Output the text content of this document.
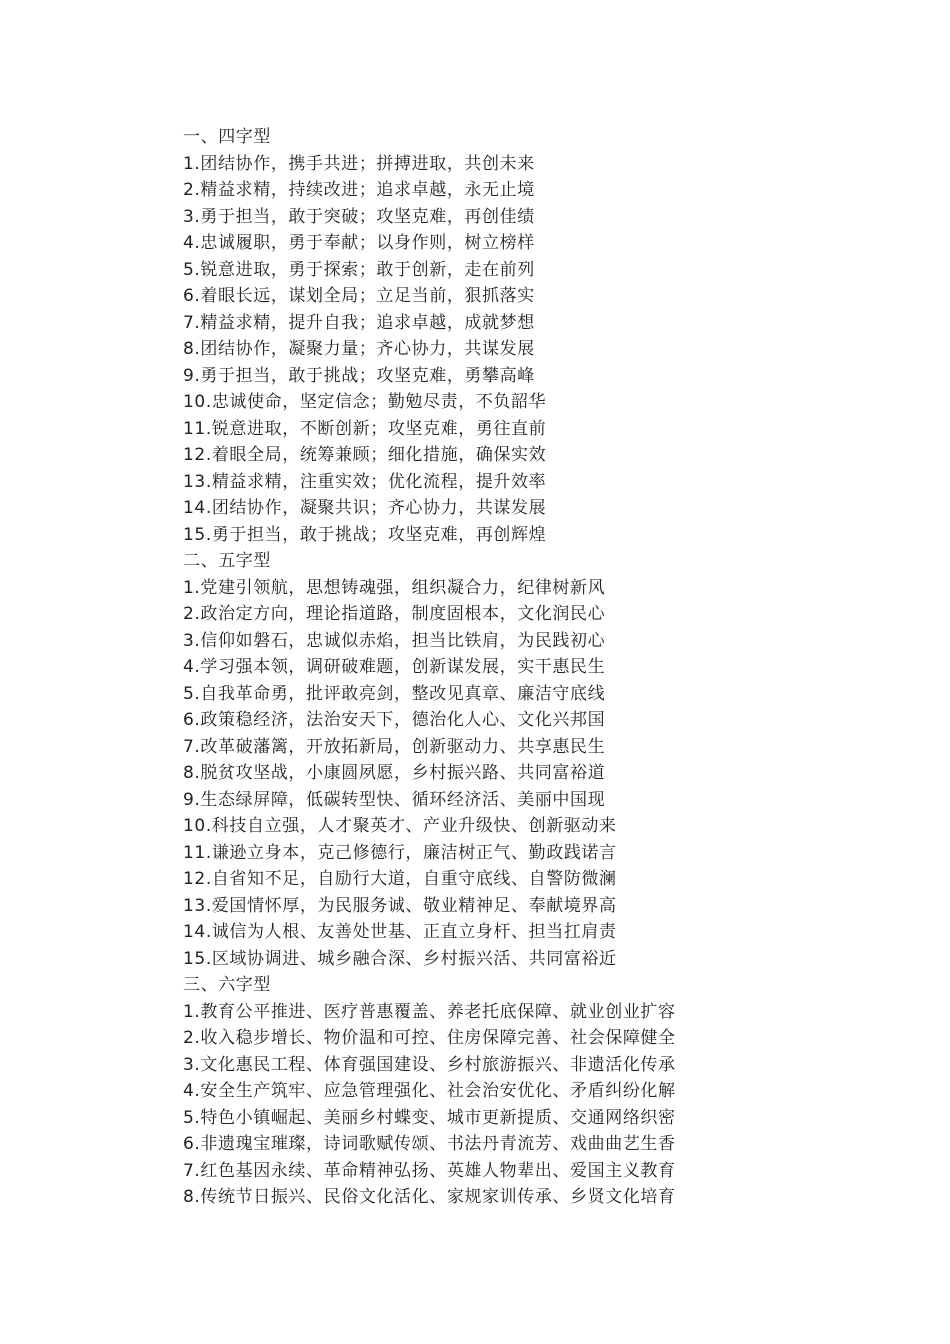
一、四字型
1.团结协作，携手共进；拼搏进取，共创未来
2.精益求精，持续改进；追求卓越，永无止境
3.勇于担当，敢于突破；攻坚克难，再创佳绩
4.忠诚履职，勇于奉献；以身作则，树立榜样
5.锐意进取，勇于探索；敢于创新，走在前列
6.着眼长远，谋划全局；立足当前，狠抓落实
7.精益求精，提升自我；追求卓越，成就梦想
8.团结协作，凝聚力量；齐心协力，共谋发展
9.勇于担当，敢于挑战；攻坚克难，勇攀高峰
10.忠诚使命，坚定信念；勤勉尽责，不负韶华
11.锐意进取，不断创新；攻坚克难，勇往直前
12.着眼全局，统筹兼顾；细化措施，确保实效
13.精益求精，注重实效；优化流程，提升效率
14.团结协作，凝聚共识；齐心协力，共谋发展
15.勇于担当，敢于挑战；攻坚克难，再创辉煌
二、五字型
1.党建引领航，思想铸魂强，组织凝合力，纪律树新风
2.政治定方向，理论指道路，制度固根本，文化润民心
3.信仰如磐石，忠诚似赤焰，担当比铁肩，为民践初心
4.学习强本领，调研破难题，创新谋发展，实干惠民生
5.自我革命勇，批评敢亮剑，整改见真章、廉洁守底线
6.政策稳经济，法治安天下，德治化人心、文化兴邦国
7.改革破藩篱，开放拓新局，创新驱动力、共享惠民生
8.脱贫攻坚战，小康圆夙愿，乡村振兴路、共同富裕道
9.生态绿屏障，低碳转型快、循环经济活、美丽中国现
10.科技自立强，人才聚英才、产业升级快、创新驱动来
11.谦逊立身本，克己修德行，廉洁树正气、勤政践诺言
12.自省知不足，自励行大道，自重守底线、自警防微澜
13.爱国情怀厚，为民服务诚、敬业精神足、奉献境界高
14.诚信为人根、友善处世基、正直立身杆、担当扛肩责
15.区域协调进、城乡融合深、乡村振兴活、共同富裕近
三、六字型
1.教育公平推进、医疗普惠覆盖、养老托底保障、就业创业扩容
2.收入稳步增长、物价温和可控、住房保障完善、社会保障健全
3.文化惠民工程、体育强国建设、乡村旅游振兴、非遗活化传承
4.安全生产筑牢、应急管理强化、社会治安优化、矛盾纠纷化解
5.特色小镇崛起、美丽乡村蝶变、城市更新提质、交通网络织密
6.非遗瑰宝璀璨，诗词歌赋传颂、书法丹青流芳、戏曲曲艺生香
7.红色基因永续、革命精神弘扬、英雄人物辈出、爱国主义教育
8.传统节日振兴、民俗文化活化、家规家训传承、乡贤文化培育
